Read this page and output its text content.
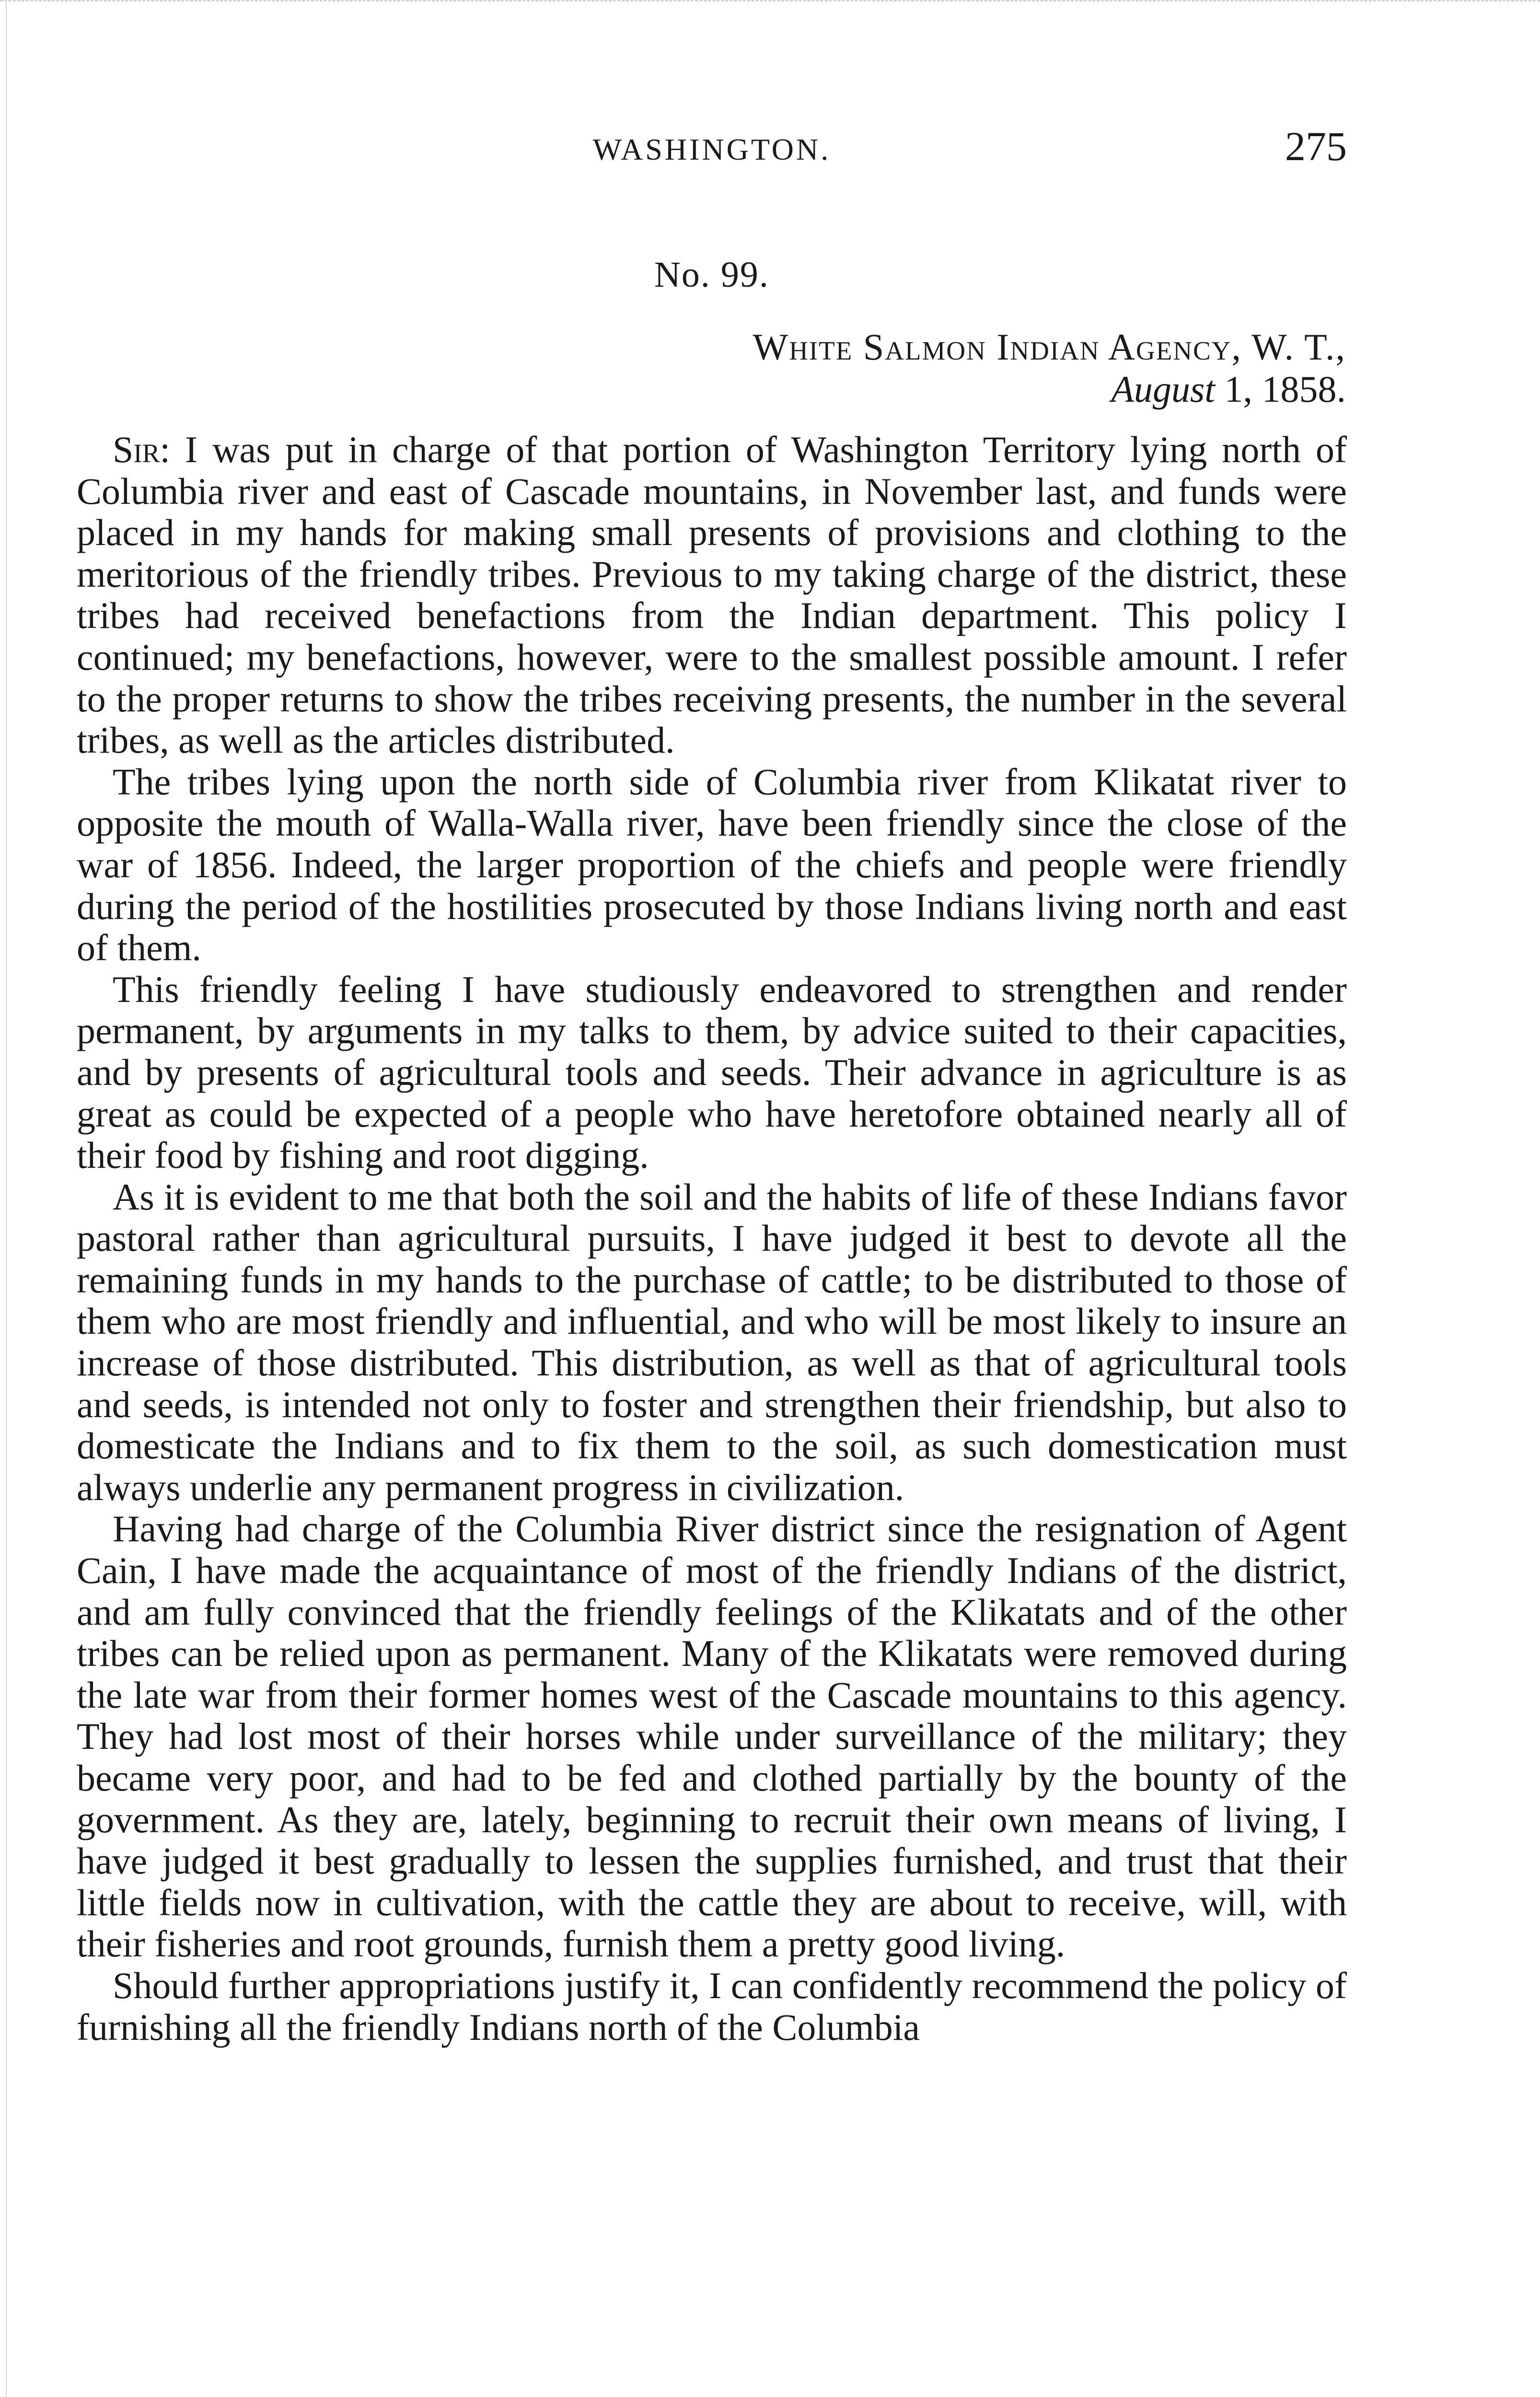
WASHINGTON.	275
No. 99.
White Salmon Indian Agency, W. T.,
August 1, 1858.

Sir: I was put in charge of that portion of Washington Territory lying north of Columbia river and east of Cascade mountains, in November last, and funds were placed in my hands for making small presents of provisions and clothing to the meritorious of the friendly tribes. Previous to my taking charge of the district, these tribes had received benefactions from the Indian department. This policy I continued; my benefactions, however, were to the smallest possible amount. I refer to the proper returns to show the tribes receiving presents, the number in the several tribes, as well as the articles distributed.

The tribes lying upon the north side of Columbia river from Klikatat river to opposite the mouth of Walla-Walla river, have been friendly since the close of the war of 1856. Indeed, the larger proportion of the chiefs and people were friendly during the period of the hostilities prosecuted by those Indians living north and east of them.

This friendly feeling I have studiously endeavored to strengthen and render permanent, by arguments in my talks to them, by advice suited to their capacities, and by presents of agricultural tools and seeds. Their advance in agriculture is as great as could be expected of a people who have heretofore obtained nearly all of their food by fishing and root digging.

As it is evident to me that both the soil and the habits of life of these Indians favor pastoral rather than agricultural pursuits, I have judged it best to devote all the remaining funds in my hands to the purchase of cattle; to be distributed to those of them who are most friendly and influential, and who will be most likely to insure an increase of those distributed. This distribution, as well as that of agricultural tools and seeds, is intended not only to foster and strengthen their friendship, but also to domesticate the Indians and to fix them to the soil, as such domestication must always underlie any permanent progress in civilization.

Having had charge of the Columbia River district since the resignation of Agent Cain, I have made the acquaintance of most of the friendly Indians of the district, and am fully convinced that the friendly feelings of the Klikatats and of the other tribes can be relied upon as permanent. Many of the Klikatats were removed during the late war from their former homes west of the Cascade mountains to this agency. They had lost most of their horses while under surveillance of the military; they became very poor, and had to be fed and clothed partially by the bounty of the government. As they are, lately, beginning to recruit their own means of living, I have judged it best gradually to lessen the supplies furnished, and trust that their little fields now in cultivation, with the cattle they are about to receive, will, with their fisheries and root grounds, furnish them a pretty good living.

Should further appropriations justify it, I can confidently recommend the policy of furnishing all the friendly Indians north of the Columbia
